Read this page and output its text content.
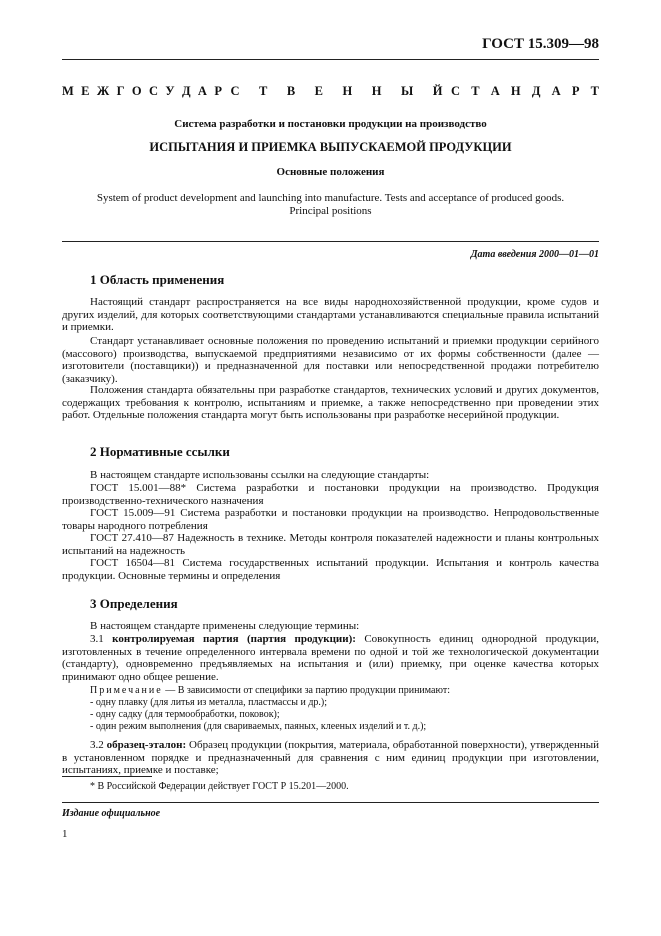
ГОСТ 15.309—98
М Е Ж Г О С У Д А Р С Т В Е Н Н Ы Й С Т А Н Д А Р Т
Система разработки и постановки продукции на производство
ИСПЫТАНИЯ И ПРИЕМКА ВЫПУСКАЕМОЙ ПРОДУКЦИИ
Основные положения
System of product development and launching into manufacture. Tests and acceptance of produced goods.
Principal positions
Дата введения 2000—01—01
1 Область применения

Настоящий стандарт распространяется на все виды народнохозяйственной продукции, кроме судов и других изделий, для которых соответствующими стандартами устанавливаются специальные правила испытаний и приемки.

Стандарт устанавливает основные положения по проведению испытаний и приемки продукции серийного (массового) производства, выпускаемой предприятиями независимо от их формы собственности (далее — изготовители (поставщики)) и предназначенной для поставки или непосредственной продажи потребителю (заказчику).

Положения стандарта обязательны при разработке стандартов, технических условий и других документов, содержащих требования к контролю, испытаниям и приемке, а также непосредственно при проведении этих работ. Отдельные положения стандарта могут быть использованы при разработке несерийной продукции.

2 Нормативные ссылки

В настоящем стандарте использованы ссылки на следующие стандарты:

ГОСТ 15.001—88* Система разработки и постановки продукции на производство. Продукция производственно-технического назначения

ГОСТ 15.009—91 Система разработки и постановки продукции на производство. Непродовольственные товары народного потребления

ГОСТ 27.410—87 Надежность в технике. Методы контроля показателей надежности и планы контрольных испытаний на надежность

ГОСТ 16504—81 Система государственных испытаний продукции. Испытания и контроль качества продукции. Основные термины и определения

3 Определения

В настоящем стандарте применены следующие термины:

3.1 контролируемая партия (партия продукции): Совокупность единиц однородной продукции, изготовленных в течение определенного интервала времени по одной и той же технологической документации (стандарту), одновременно предъявляемых на испытания и (или) приемку, при оценке качества которых принимают одно общее решение.

Примечание — В зависимости от специфики за партию продукции принимают:
- одну плавку (для литья из металла, пластмассы и др.);
- одну садку (для термообработки, поковок);
- один режим выполнения (для свариваемых, паяных, клееных изделий и т. д.);

3.2 образец-эталон: Образец продукции (покрытия, материала, обработанной поверхности), утвержденный в установленном порядке и предназначенный для сравнения с ним единиц продукции при изготовлении, испытаниях, приемке и поставке;

* В Российской Федерации действует ГОСТ Р 15.201—2000.
Издание официальное
1
